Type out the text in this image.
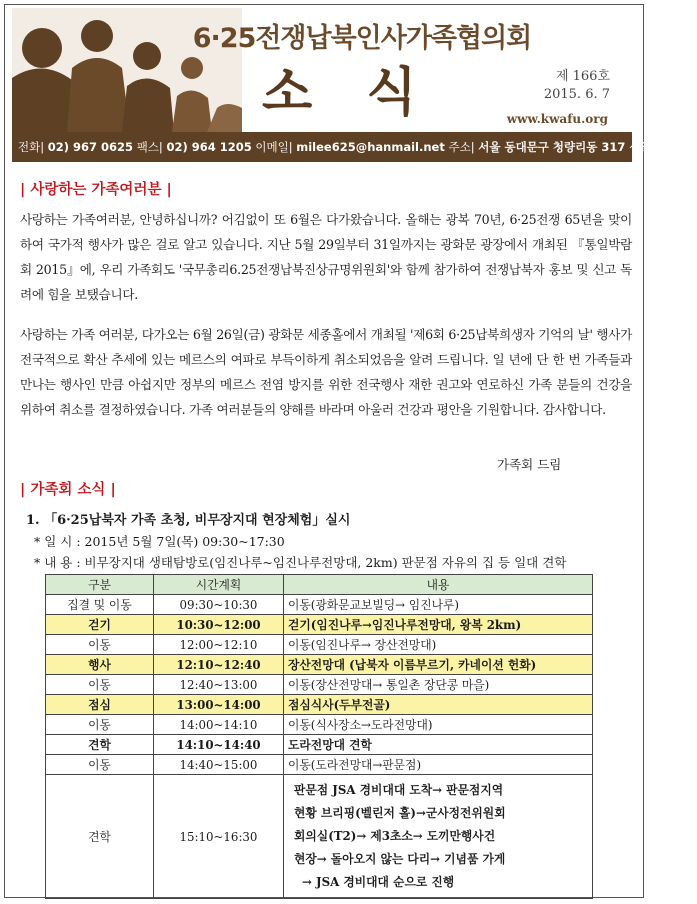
6·25전쟁납북인사가족협의회
소 식	제 166호
2015. 6. 7
www.kwafu.org
전화| 02) 967 0625 팩스| 02) 964 1205 이메일| milee625@hanmail.net 주소| 서울 동대문구 청량리동 317 성일빌딩 2층
| 사랑하는 가족여러분 |
사랑하는 가족여러분, 안녕하십니까? 어김없이 또 6월은 다가왔습니다. 올해는 광복 70년, 6·25전쟁 65년을 맞이하여 국가적 행사가 많은 걸로 알고 있습니다. 지난 5월 29일부터 31일까지는 광화문 광장에서 개최된 『통일박람회 2015』에, 우리 가족회도 '국무총리6.25전쟁납북진상규명위원회'와 함께 참가하여 전쟁납북자 홍보 및 신고 독려에 힘을 보탰습니다.
사랑하는 가족 여러분, 다가오는 6월 26일(금) 광화문 세종홀에서 개최될 '제6회 6·25납북희생자 기억의 날' 행사가 전국적으로 확산 추세에 있는 메르스의 여파로 부득이하게 취소되었음을 알려 드립니다. 일 년에 단 한 번 가족들과 만나는 행사인 만큼 아쉽지만 정부의 메르스 전염 방지를 위한 전국행사 재한 권고와 연로하신 가족 분들의 건강을 위하여 취소를 결정하였습니다. 가족 여러분들의 양해를 바라며 아울러 건강과 평안을 기원합니다. 감사합니다.
가족회 드림
| 가족회 소식 |
1. 「6·25납북자 가족 초청, 비무장지대 현장체험」실시
* 일 시 : 2015년 5월 7일(목) 09:30~17:30
* 내 용 : 비무장지대 생태탐방로(임진나루~임진나루전망대, 2km) 판문점 자유의 집 등 일대 견학
구분	시간계획	내용
집결 및 이동	09:30~10:30	이동(광화문교보빌딩→ 임진나루)
걷기	10:30~12:00	걷기(임진나루→임진나루전망대, 왕복 2km)
이동	12:00~12:10	이동(임진나루→ 장산전망대)
행사	12:10~12:40	장산전망대 (납북자 이름부르기, 카네이션 헌화)
이동	12:40~13:00	이동(장산전망대→ 통일촌 장단콩 마을)
점심	13:00~14:00	점심식사(두부전골)
이동	14:00~14:10	이동(식사장소→도라전망대)
견학	14:10~14:40	도라전망대 견학
이동	14:40~15:00	이동(도라전망대→판문점)
견학	15:10~16:30	판문점 JSA 경비대대 도착→ 판문점지역
현황 브리핑(벨린저 홀)→군사정전위원회
회의실(T2)→ 제3초소→ 도끼만행사건
현장→ 돌아오지 않는 다리→ 기념품 가게
→ JSA 경비대대 순으로 진행
